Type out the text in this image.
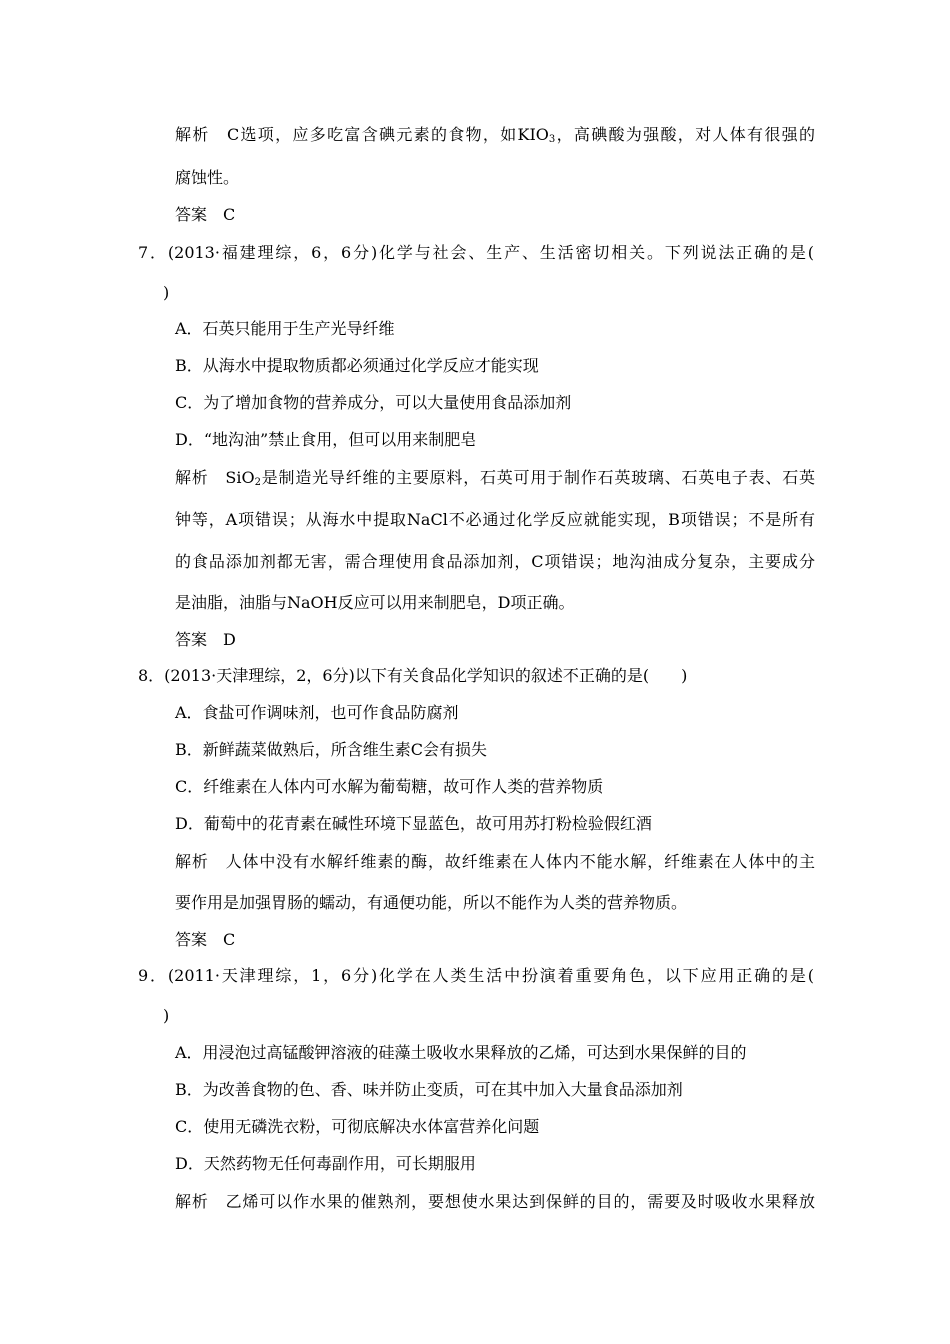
解析　C选项，应多吃富含碘元素的食物，如$KIO_3$，高碘酸为强酸，对人体有很强的
腐蚀性。
答案　C
7．(2013·福建理综，6，6分)化学与社会、生产、生活密切相关。下列说法正确的是(
)
A．石英只能用于生产光导纤维
B．从海水中提取物质都必须通过化学反应才能实现
C．为了增加食物的营养成分，可以大量使用食品添加剂
D．“地沟油”禁止食用，但可以用来制肥皂
解析　SiO$_2$是制造光导纤维的主要原料，石英可用于制作石英玻璃、石英电子表、石英
钟等，A项错误；从海水中提取NaCl不必通过化学反应就能实现，B项错误；不是所有
的食品添加剂都无害，需合理使用食品添加剂，C项错误；地沟油成分复杂，主要成分
是油脂，油脂与NaOH反应可以用来制肥皂，D项正确。
答案　D
8．(2013·天津理综，2，6分)以下有关食品化学知识的叙述不正确的是(　　)
A．食盐可作调味剂，也可作食品防腐剂
B．新鲜蔬菜做熟后，所含维生素C会有损失
C．纤维素在人体内可水解为葡萄糖，故可作人类的营养物质
D．葡萄中的花青素在碱性环境下显蓝色，故可用苏打粉检验假红酒
解析　人体中没有水解纤维素的酶，故纤维素在人体内不能水解，纤维素在人体中的主
要作用是加强胃肠的蠕动，有通便功能，所以不能作为人类的营养物质。
答案　C
9．(2011·天津理综，1，6分)化学在人类生活中扮演着重要角色，以下应用正确的是(
)
A．用浸泡过高锰酸钾溶液的硅藻土吸收水果释放的乙烯，可达到水果保鲜的目的
B．为改善食物的色、香、味并防止变质，可在其中加入大量食品添加剂
C．使用无磷洗衣粉，可彻底解决水体富营养化问题
D．天然药物无任何毒副作用，可长期服用
解析　乙烯可以作水果的催熟剂，要想使水果达到保鲜的目的，需要及时吸收水果释放
